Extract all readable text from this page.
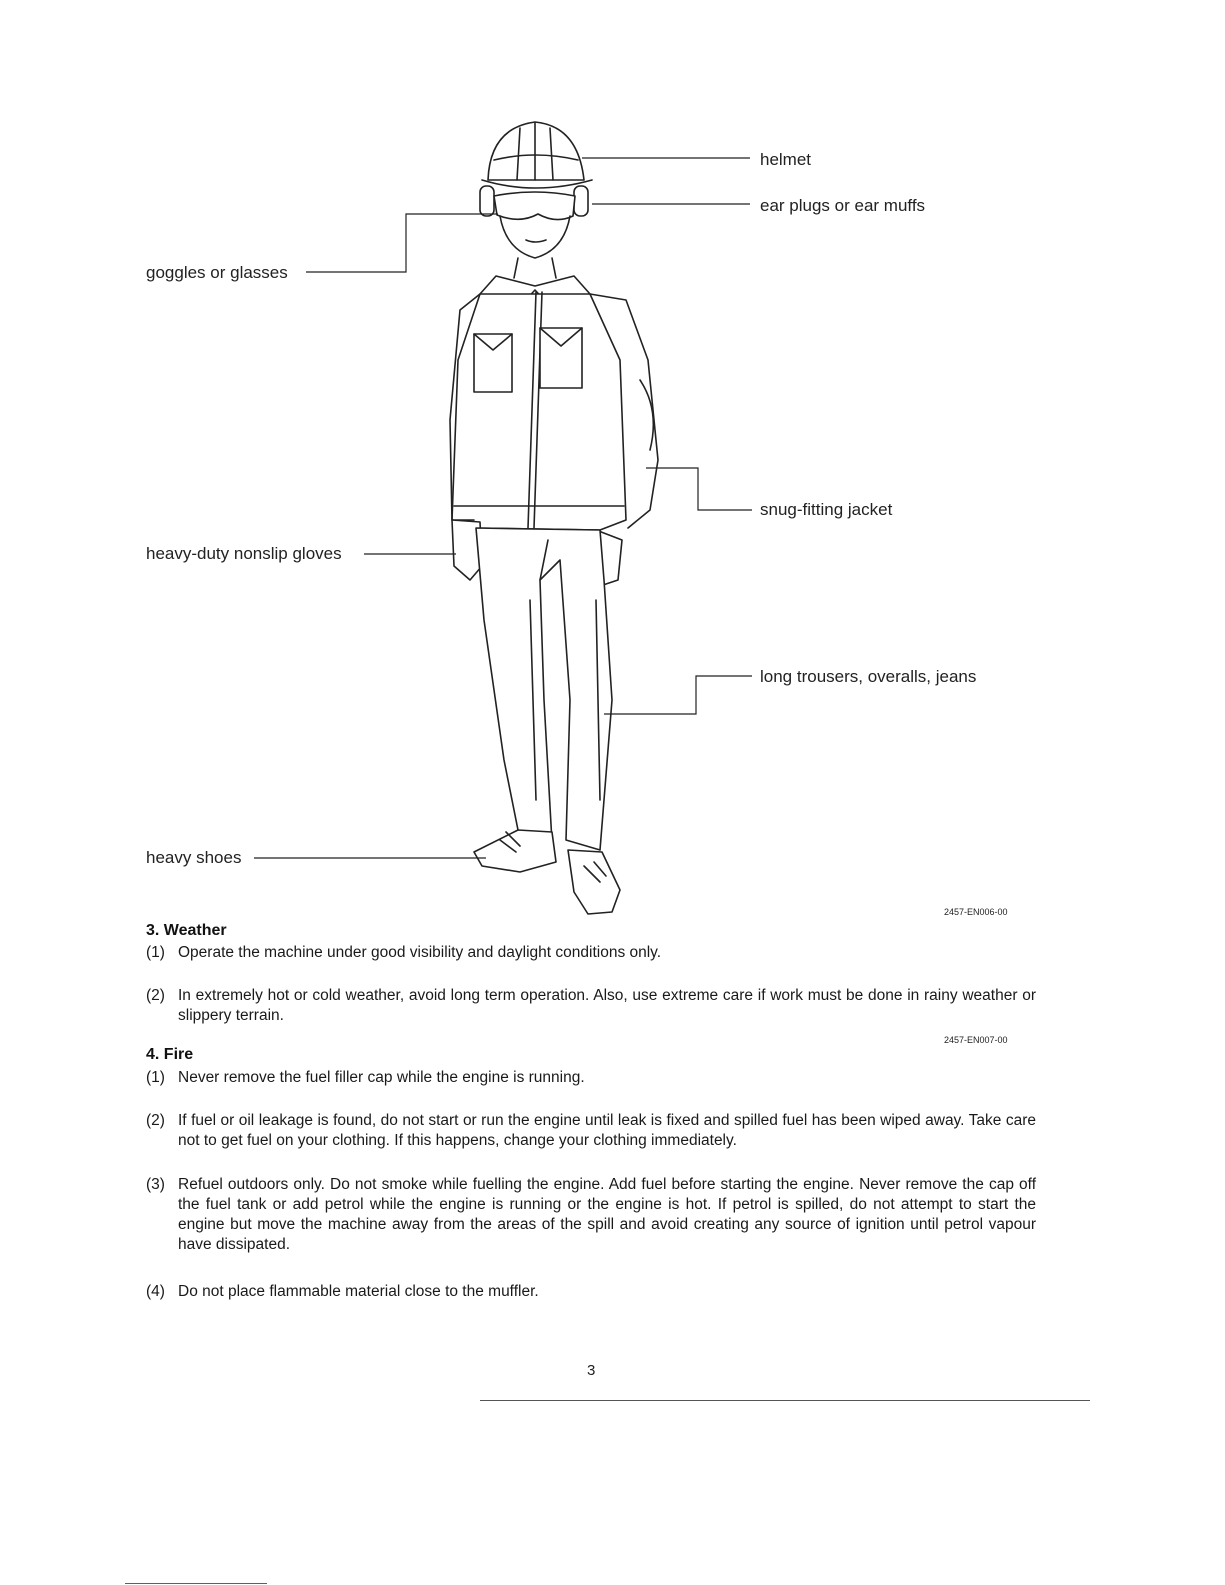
helmet
ear plugs or ear muffs
goggles or glasses
snug-fitting jacket
heavy-duty nonslip gloves
long trousers, overalls, jeans
heavy shoes
2457-EN006-00
3. Weather
(1) Operate the machine under good visibility and daylight conditions only.
(2) In extremely hot or cold weather, avoid long term operation. Also, use extreme care if work must be done in rainy weather or slippery terrain.
2457-EN007-00
4. Fire
(1) Never remove the fuel filler cap while the engine is running.
(2) If fuel or oil leakage is found, do not start or run the engine until leak is fixed and spilled fuel has been wiped away. Take care not to get fuel on your clothing. If this happens, change your clothing immediately.
(3) Refuel outdoors only. Do not smoke while fuelling the engine. Add fuel before starting the engine. Never remove the cap off the fuel tank or add petrol while the engine is running or the engine is hot. If petrol is spilled, do not attempt to start the engine but move the machine away from the areas of the spill and avoid creating any source of ignition until petrol vapour have dissipated.
(4) Do not place flammable material close to the muffler.
3
